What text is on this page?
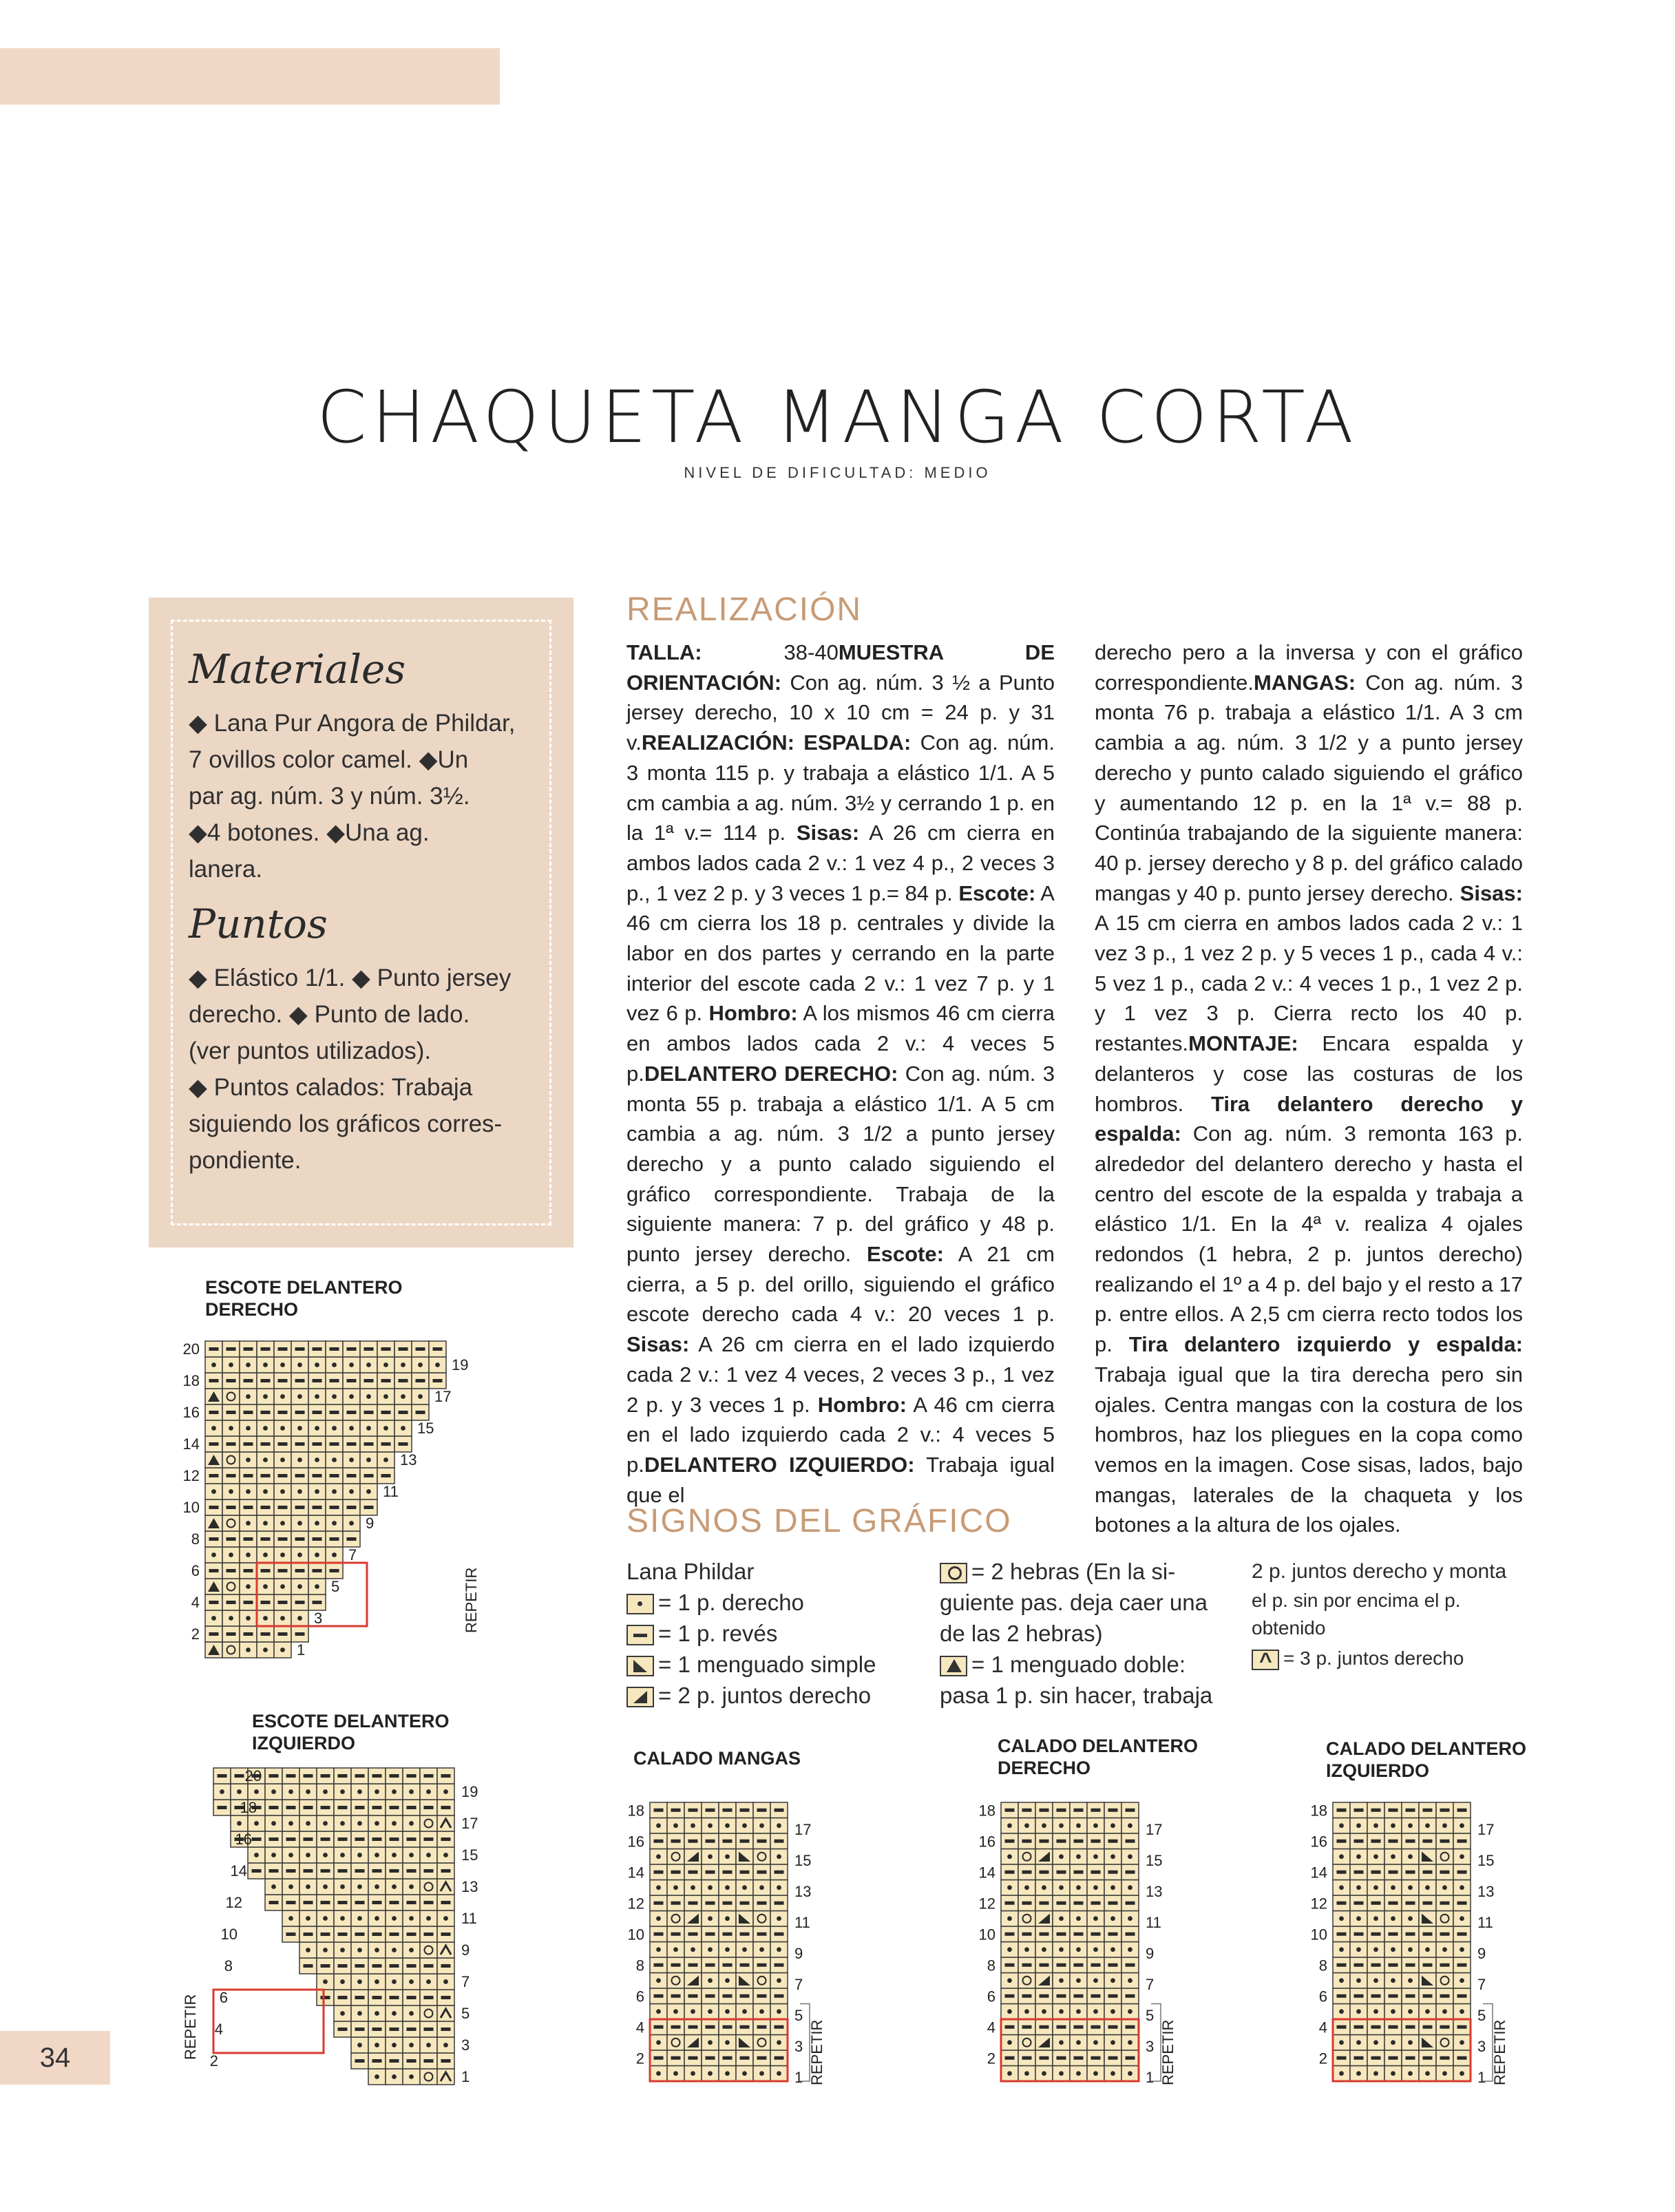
CHAQUETA MANGA CORTA
NIVEL DE DIFICULTAD: MEDIO
Materiales
◆ Lana Pur Angora de Phildar,
7 ovillos color camel. ◆Un
par ag. núm. 3 y núm. 3½.
◆4 botones. ◆Una ag.
lanera.
Puntos
◆ Elástico 1/1. ◆ Punto jersey
derecho. ◆ Punto de lado.
(ver puntos utilizados).
◆ Puntos calados: Trabaja
siguiendo los gráficos corres-
pondiente.
REALIZACIÓN

TALLA: 38-40MUESTRA DE ORIENTACIÓN: Con ag. núm. 3 ½ a Punto jersey derecho, 10 x 10 cm = 24 p. y 31 v.REALIZACIÓN: ESPALDA: Con ag. núm. 3 monta 115 p. y trabaja a elástico 1/1. A 5 cm cambia a ag. núm. 3½ y cerrando 1 p. en la 1ª v.= 114 p. Sisas: A 26 cm cierra en ambos lados cada 2 v.: 1 vez 4 p., 2 veces 3 p., 1 vez 2 p. y 3 veces 1 p.= 84 p. Escote: A 46 cm cierra los 18 p. centrales y divide la labor en dos partes y cerrando en la parte interior del escote cada 2 v.: 1 vez 7 p. y 1 vez 6 p. Hombro: A los mismos 46 cm cierra en ambos lados cada 2 v.: 4 veces 5 p.DELANTERO DERECHO: Con ag. núm. 3 monta 55 p. trabaja a elástico 1/1. A 5 cm cambia a ag. núm. 3 1/2 a punto jersey derecho y a punto calado siguiendo el gráfico correspondiente. Trabaja de la siguiente manera: 7 p. del gráfico y 48 p. punto jersey derecho. Escote: A 21 cm cierra, a 5 p. del orillo, siguiendo el gráfico escote derecho cada 4 v.: 20 veces 1 p. Sisas: A 26 cm cierra en el lado izquierdo cada 2 v.: 1 vez 4 veces, 2 veces 3 p., 1 vez 2 p. y 3 veces 1 p. Hombro: A 46 cm cierra en el lado izquierdo cada 2 v.: 4 veces 5 p.DELANTERO IZQUIERDO: Trabaja igual que el

derecho pero a la inversa y con el gráfico correspondiente.MANGAS: Con ag. núm. 3 monta 76 p. trabaja a elástico 1/1. A 3 cm cambia a ag. núm. 3 1/2 y a punto jersey derecho y punto calado siguiendo el gráfico y aumentando 12 p. en la 1ª v.= 88 p. Continúa trabajando de la siguiente manera: 40 p. jersey derecho y 8 p. del gráfico calado mangas y 40 p. punto jersey derecho. Sisas: A 15 cm cierra en ambos lados cada 2 v.: 1 vez 3 p., 1 vez 2 p. y 5 veces 1 p., cada 4 v.: 5 vez 1 p., cada 2 v.: 4 veces 1 p., 1 vez 2 p. y 1 vez 3 p. Cierra recto los 40 p. restantes.MONTAJE: Encara espalda y delanteros y cose las costuras de los hombros. Tira delantero derecho y espalda: Con ag. núm. 3 remonta 163 p. alrededor del delantero derecho y hasta el centro del escote de la espalda y trabaja a elástico 1/1. En la 4ª v. realiza 4 ojales redondos (1 hebra, 2 p. juntos derecho) realizando el 1º a 4 p. del bajo y el resto a 17 p. entre ellos. A 2,5 cm cierra recto todos los p. Tira delantero izquierdo y espalda: Trabaja igual que la tira derecha pero sin ojales. Centra mangas con la costura de los hombros, haz los pliegues en la copa como vemos en la imagen. Cose sisas, lados, bajo mangas, laterales de la chaqueta y los botones a la altura de los ojales.

SIGNOS DEL GRÁFICO
Lana Phildar
= 1 p. derecho
= 1 p. revés
= 1 menguado simple
= 2 p. juntos derecho
= 2 hebras (En la si-
guiente pas. deja caer una
de las 2 hebras)
= 1 menguado doble:
pasa 1 p. sin hacer, trabaja
2 p. juntos derecho y monta
el p. sin por encima el p.
obtenido
^= 3 p. juntos derecho
ESCOTE DELANTERO
DERECHO
ESCOTE DELANTERO
IZQUIERDO
CALADO MANGAS
CALADO DELANTERO
DERECHO
CALADO DELANTERO
IZQUIERDO
20
18
16
14
12
10
8
6
4
2
19
17
15
13
11
9
7
5
3
1
REPETIR
20
18
16
14
12
10
8
6
4
2
19
17
15
13
11
9
7
5
3
1
REPETIR
18
16
14
12
10
8
6
4
2
17
15
13
11
9
7
5
3
1 REPETIR
18
16
14
12
10
8
6
4
2
17
15
13
11
9
7
5
3
1 REPETIR
18
16
14
12
10
8
6
4
2
17
15
13
11
9
7
5
3
1 REPETIR
34
